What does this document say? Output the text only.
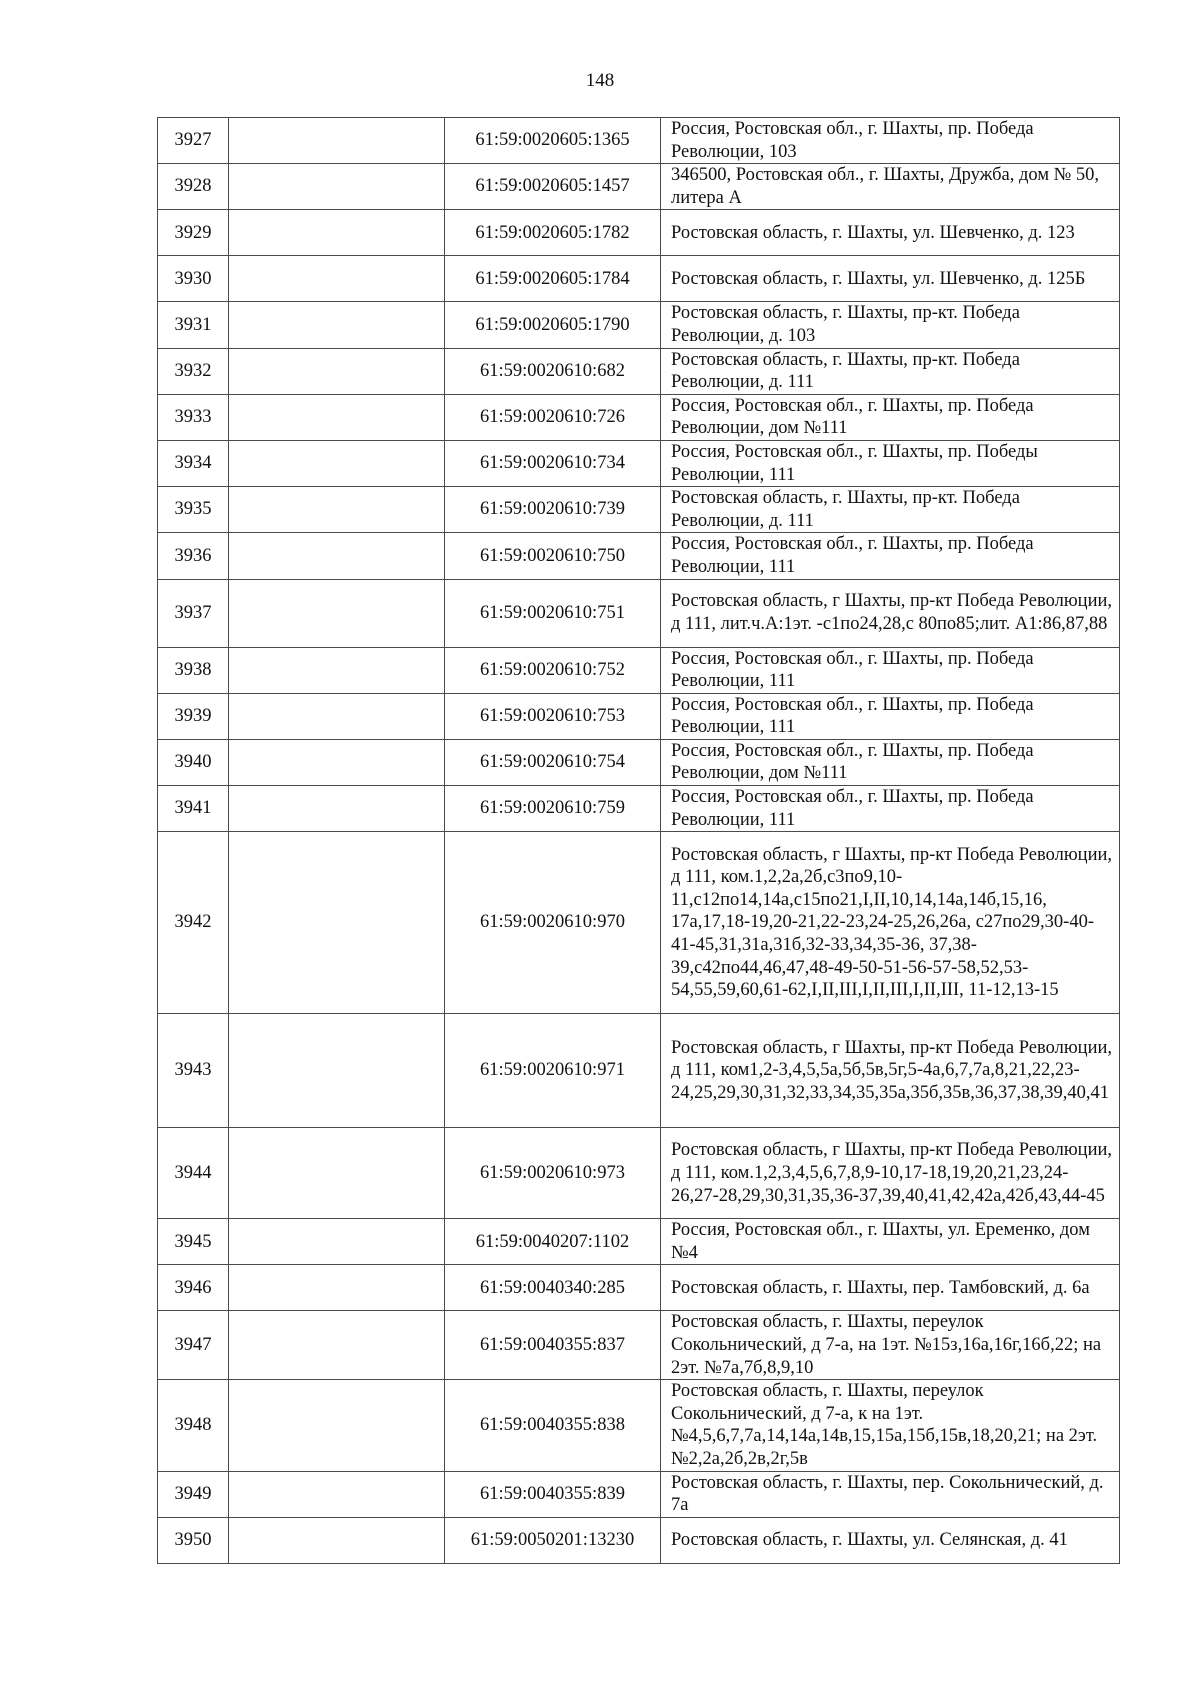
148
3927		61:59:0020605:1365	Россия, Ростовская обл., г. Шахты, пр. Победа Революции, 103
3928		61:59:0020605:1457	346500, Ростовская обл., г. Шахты, Дружба, дом № 50, литера А
3929		61:59:0020605:1782	Ростовская область, г. Шахты, ул. Шевченко, д. 123
3930		61:59:0020605:1784	Ростовская область, г. Шахты, ул. Шевченко, д. 125Б
3931		61:59:0020605:1790	Ростовская область, г. Шахты, пр-кт. Победа Революции, д. 103
3932		61:59:0020610:682	Ростовская область, г. Шахты, пр-кт. Победа Революции, д. 111
3933		61:59:0020610:726	Россия, Ростовская обл., г. Шахты, пр. Победа Революции, дом №111
3934		61:59:0020610:734	Россия, Ростовская обл., г. Шахты, пр. Победы Революции, 111
3935		61:59:0020610:739	Ростовская область, г. Шахты, пр-кт. Победа Революции, д. 111
3936		61:59:0020610:750	Россия, Ростовская обл., г. Шахты, пр. Победа Революции, 111
3937		61:59:0020610:751	Ростовская область, г Шахты, пр-кт Победа Революции, д 111, лит.ч.А:1эт. -с1по24,28,с 80по85;лит. А1:86,87,88
3938		61:59:0020610:752	Россия, Ростовская обл., г. Шахты, пр. Победа Революции, 111
3939		61:59:0020610:753	Россия, Ростовская обл., г. Шахты, пр. Победа Революции, 111
3940		61:59:0020610:754	Россия, Ростовская обл., г. Шахты, пр. Победа Революции, дом №111
3941		61:59:0020610:759	Россия, Ростовская обл., г. Шахты, пр. Победа Революции, 111
3942		61:59:0020610:970	Ростовская область, г Шахты, пр-кт Победа Революции, д 111, ком.1,2,2а,2б,с3по9,10-11,с12по14,14а,с15по21,I,II,10,14,14а,14б,15,16, 17а,17,18-19,20-21,22-23,24-25,26,26а, с27по29,30-40-41-45,31,31а,31б,32-33,34,35-36, 37,38-39,с42по44,46,47,48-49-50-51-56-57-58,52,53-54,55,59,60,61-62,I,II,III,I,II,III,I,II,III, 11-12,13-15
3943		61:59:0020610:971	Ростовская область, г Шахты, пр-кт Победа Революции, д 111, ком1,2-3,4,5,5а,5б,5в,5г,5-4а,6,7,7а,8,21,22,23-24,25,29,30,31,32,33,34,35,35а,35б,35в,36,37,38,39,40,41
3944		61:59:0020610:973	Ростовская область, г Шахты, пр-кт Победа Революции, д 111, ком.1,2,3,4,5,6,7,8,9-10,17-18,19,20,21,23,24-26,27-28,29,30,31,35,36-37,39,40,41,42,42а,42б,43,44-45
3945		61:59:0040207:1102	Россия, Ростовская обл., г. Шахты, ул. Еременко, дом №4
3946		61:59:0040340:285	Ростовская область, г. Шахты, пер. Тамбовский, д. 6а
3947		61:59:0040355:837	Ростовская область, г. Шахты, переулок Сокольнический, д 7-а, на 1эт. №15з,16а,16г,16б,22; на 2эт. №7а,7б,8,9,10
3948		61:59:0040355:838	Ростовская область, г. Шахты, переулок Сокольнический, д 7-а, к на 1эт. №4,5,6,7,7а,14,14а,14в,15,15а,15б,15в,18,20,21; на 2эт.№2,2а,2б,2в,2г,5в
3949		61:59:0040355:839	Ростовская область, г. Шахты, пер. Сокольнический, д. 7а
3950		61:59:0050201:13230	Ростовская область, г. Шахты, ул. Селянская, д. 41
